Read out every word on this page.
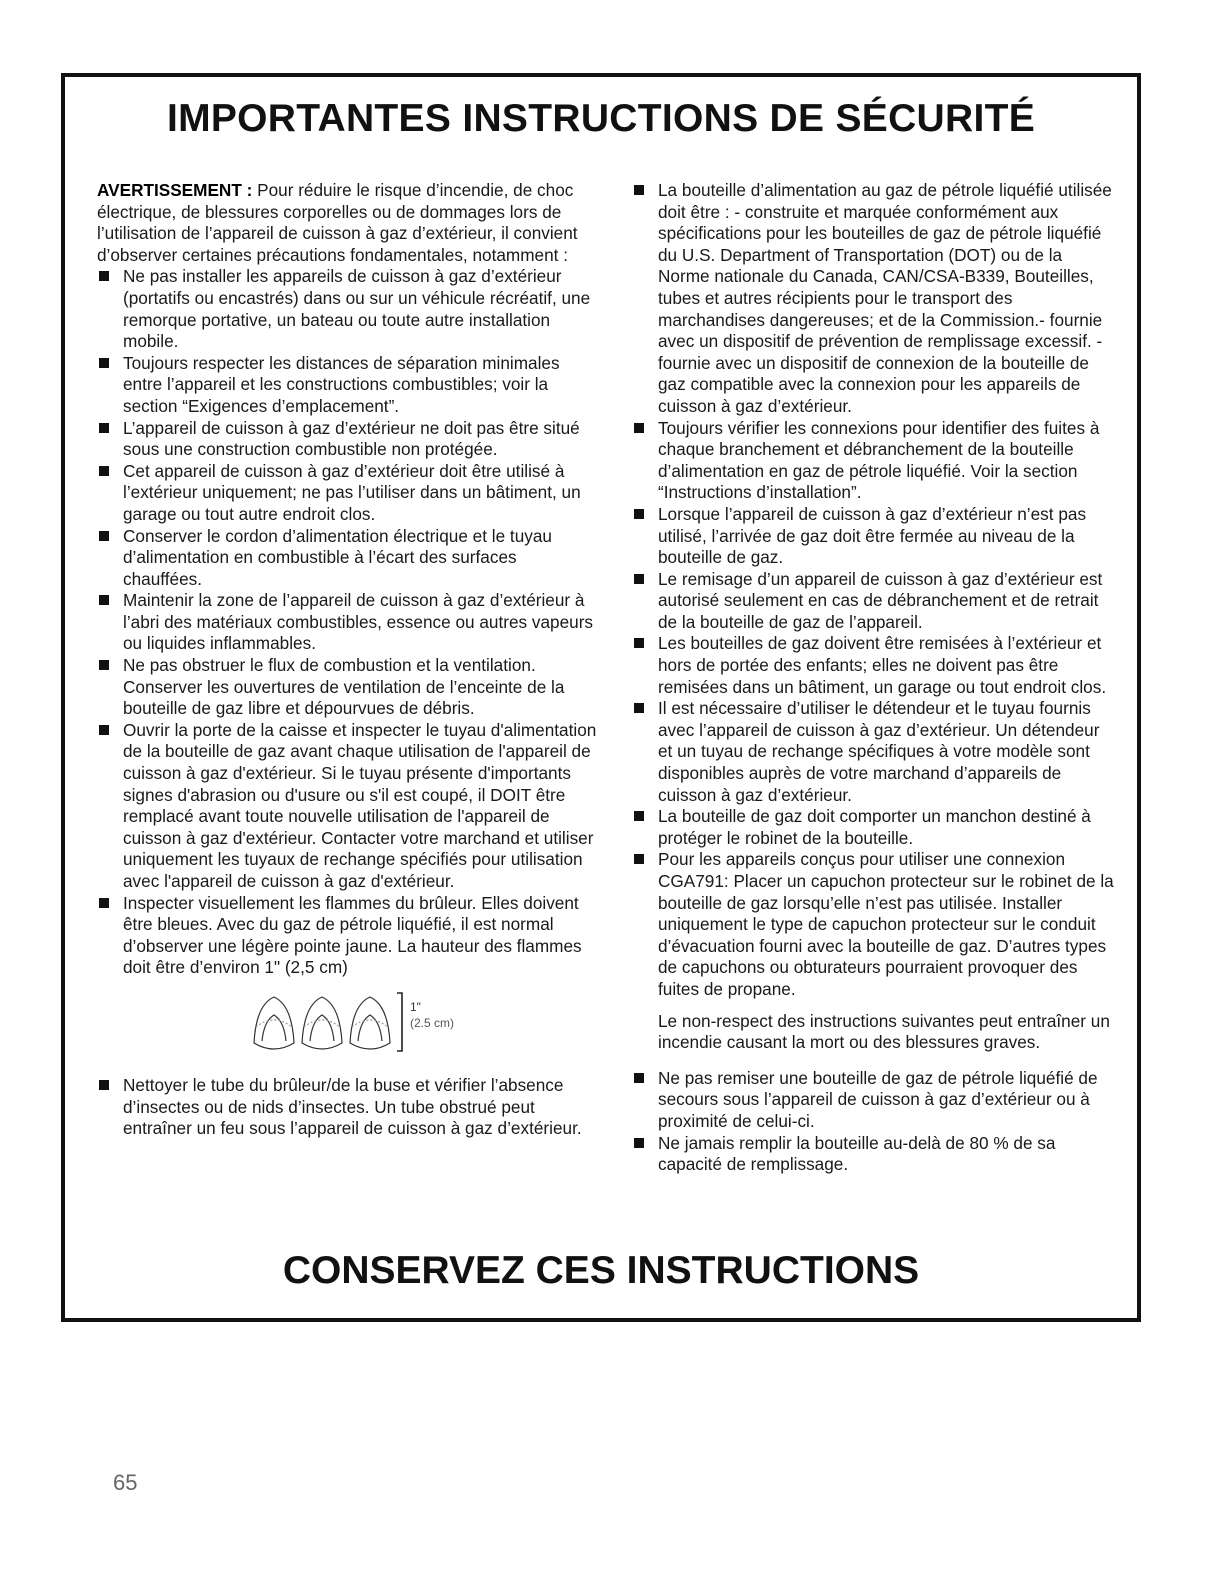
IMPORTANTES INSTRUCTIONS DE SÉCURITÉ

AVERTISSEMENT : Pour réduire le risque d’incendie, de choc électrique, de blessures corporelles ou de dommages lors de l’utilisation de l’appareil de cuisson à gaz d’extérieur, il convient d’observer certaines précautions fondamentales, notamment :

Ne pas installer les appareils de cuisson à gaz d’extérieur (portatifs ou encastrés) dans ou sur un véhicule récréatif, une remorque portative, un bateau ou toute autre installation mobile.
Toujours respecter les distances de séparation minimales entre l’appareil et les constructions combustibles; voir la section “Exigences d’emplacement”.
L’appareil de cuisson à gaz d’extérieur ne doit pas être situé sous une construction combustible non protégée.
Cet appareil de cuisson à gaz d’extérieur doit être utilisé à l’extérieur uniquement; ne pas l’utiliser dans un bâtiment, un garage ou tout autre endroit clos.
Conserver le cordon d’alimentation électrique et le tuyau d’alimentation en combustible à l’écart des surfaces chauffées.
Maintenir la zone de l’appareil de cuisson à gaz d’extérieur à l’abri des matériaux combustibles, essence ou autres vapeurs ou liquides inflammables.
Ne pas obstruer le flux de combustion et la ventilation. Conserver les ouvertures de ventilation de l’enceinte de la bouteille de gaz libre et dépourvues de débris.
Ouvrir la porte de la caisse et inspecter le tuyau d'alimentation de la bouteille de gaz avant chaque utilisation de l'appareil de cuisson à gaz d'extérieur. Si le tuyau présente d'importants signes d'abrasion ou d'usure ou s'il est coupé, il DOIT être remplacé avant toute nouvelle utilisation de l'appareil de cuisson à gaz d'extérieur. Contacter votre marchand et utiliser uniquement les tuyaux de rechange spécifiés pour utilisation avec l'appareil de cuisson à gaz d'extérieur.
Inspecter visuellement les flammes du brûleur. Elles doivent être bleues. Avec du gaz de pétrole liquéfié, il est normal d’observer une légère pointe jaune. La hauteur des flammes doit être d’environ 1" (2,5 cm)
1"
(2.5 cm)
Nettoyer le tube du brûleur/de la buse et vérifier l’absence d’insectes ou de nids d’insectes. Un tube obstrué peut entraîner un feu sous l’appareil de cuisson à gaz d’extérieur.
La bouteille d’alimentation au gaz de pétrole liquéfié utilisée doit être : - construite et marquée conformément aux spécifications pour les bouteilles de gaz de pétrole liquéfié du U.S. Department of Transportation (DOT) ou de la Norme nationale du Canada, CAN/CSA-B339, Bouteilles, tubes et autres récipients pour le transport des marchandises dangereuses; et de la Commission.- fournie avec un dispositif de prévention de remplissage excessif. - fournie avec un dispositif de connexion de la bouteille de gaz compatible avec la connexion pour les appareils de cuisson à gaz d’extérieur.
Toujours vérifier les connexions pour identifier des fuites à chaque branchement et débranchement de la bouteille d’alimentation en gaz de pétrole liquéfié. Voir la section “Instructions d’installation”.
Lorsque l’appareil de cuisson à gaz d’extérieur n’est pas utilisé, l’arrivée de gaz doit être fermée au niveau de la bouteille de gaz.
Le remisage d’un appareil de cuisson à gaz d’extérieur est autorisé seulement en cas de débranchement et de retrait de la bouteille de gaz de l’appareil.
Les bouteilles de gaz doivent être remisées à l’extérieur et hors de portée des enfants; elles ne doivent pas être remisées dans un bâtiment, un garage ou tout endroit clos.
Il est nécessaire d’utiliser le détendeur et le tuyau fournis avec l’appareil de cuisson à gaz d’extérieur. Un détendeur et un tuyau de rechange spécifiques à votre modèle sont disponibles auprès de votre marchand d’appareils de cuisson à gaz d’extérieur.
La bouteille de gaz doit comporter un manchon destiné à protéger le robinet de la bouteille.
Pour les appareils conçus pour utiliser une connexion CGA791: Placer un capuchon protecteur sur le robinet de la bouteille de gaz lorsqu’elle n’est pas utilisée. Installer uniquement le type de capuchon protecteur sur le conduit d’évacuation fourni avec la bouteille de gaz. D’autres types de capuchons ou obturateurs pourraient provoquer des fuites de propane.

Le non-respect des instructions suivantes peut entraîner un incendie causant la mort ou des blessures graves.

Ne pas remiser une bouteille de gaz de pétrole liquéfié de secours sous l’appareil de cuisson à gaz d’extérieur ou à proximité de celui-ci.
Ne jamais remplir la bouteille au-delà de 80 % de sa capacité de remplissage.
CONSERVEZ CES INSTRUCTIONS
65
